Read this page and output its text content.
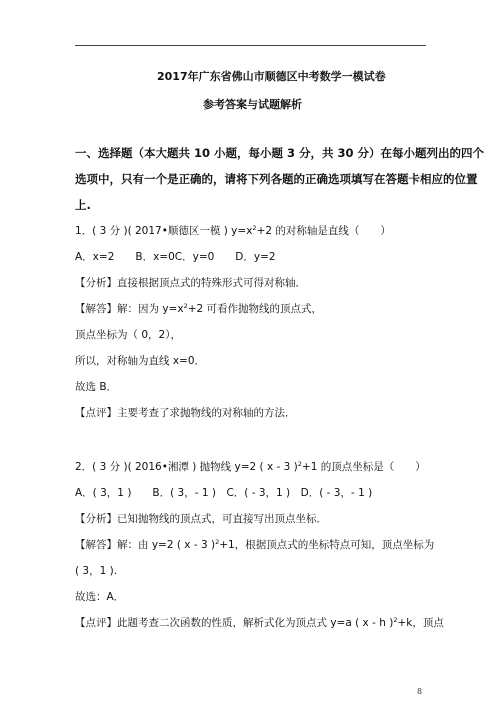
2017年广东省佛山市顺德区中考数学一模试卷
参考答案与试题解析
一、选择题（本大题共 10 小题，每小题 3 分，共 30 分）在每小题列出的四个
选项中，只有一个是正确的，请将下列各题的正确选项填写在答题卡相应的位置
上.
1．( 3 分 )( 2017•顺德区一模 ) $y=x^2+2$ 的对称轴是直线（　　）
A．x=2　　B．x=0C．y=0　　D．y=2
【分析】直接根据顶点式的特殊形式可得对称轴．
【解答】解：因为 $y=x^2+2$ 可看作抛物线的顶点式，
顶点坐标为（ 0，2），
所以，对称轴为直线 x=0．
故选 B．
【点评】主要考查了求抛物线的对称轴的方法．
2．( 3 分 )( 2016•湘潭 ) 抛物线 y=2 ( x - 3 )$^2$+1 的顶点坐标是（　　）
A．( 3，1 )　　B．( 3，- 1 )　C．( - 3，1 )　D．( - 3，- 1 )
【分析】已知抛物线的顶点式，可直接写出顶点坐标．
【解答】解：由 y=2 ( x - 3 )$^2$+1，根据顶点式的坐标特点可知，顶点坐标为
( 3，1 ).
故选：A．
【点评】此题考查二次函数的性质，解析式化为顶点式 y=a ( x - h )$^2$+k，顶点
8
